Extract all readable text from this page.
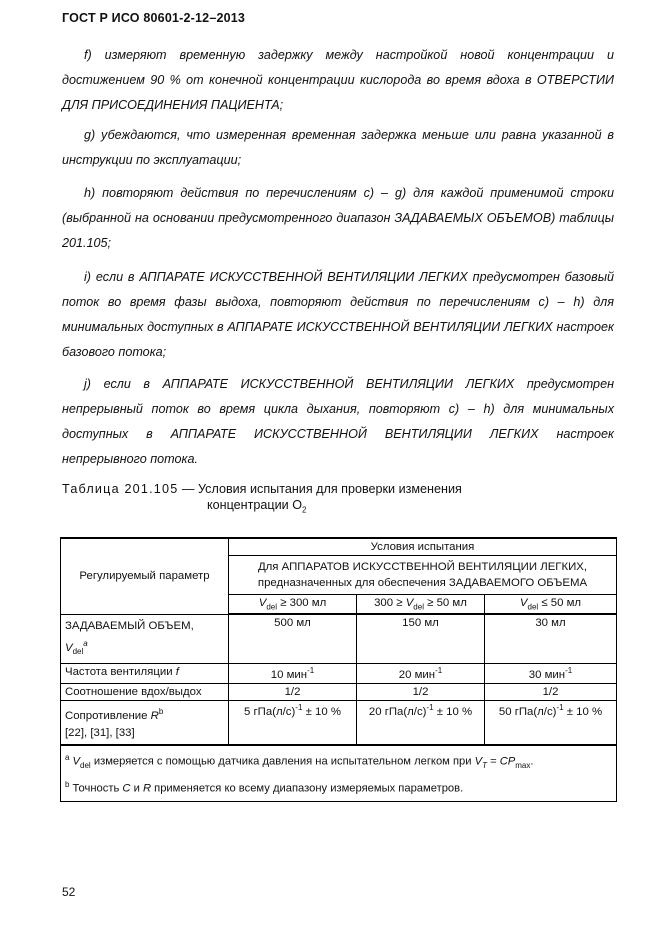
ГОСТ Р ИСО 80601-2-12–2013
f) измеряют временную задержку между настройкой новой концентрации и достижением 90 % от конечной концентрации кислорода во время вдоха в ОТВЕРСТИИ ДЛЯ ПРИСОЕДИНЕНИЯ ПАЦИЕНТА;
g) убеждаются, что измеренная временная задержка меньше или равна указанной в инструкции по эксплуатации;
h) повторяют действия по перечислениям c) – g) для каждой применимой строки (выбранной на основании предусмотренного диапазон ЗАДАВАЕМЫХ ОБЪЕМОВ) таблицы 201.105;
i) если в АППАРАТЕ ИСКУССТВЕННОЙ ВЕНТИЛЯЦИИ ЛЕГКИХ предусмотрен базовый поток во время фазы выдоха, повторяют действия по перечислениям c) – h) для минимальных доступных в АППАРАТЕ ИСКУССТВЕННОЙ ВЕНТИЛЯЦИИ ЛЕГКИХ настроек базового потока;
j) если в АППАРАТЕ ИСКУССТВЕННОЙ ВЕНТИЛЯЦИИ ЛЕГКИХ предусмотрен непрерывный поток во время цикла дыхания, повторяют c) – h) для минимальных доступных в АППАРАТЕ ИСКУССТВЕННОЙ ВЕНТИЛЯЦИИ ЛЕГКИХ настроек непрерывного потока.
Таблица 201.105 — Условия испытания для проверки изменения
концентрации $O_2$
Регулируемый параметр	Условия испытания		
	Для АППАРАТОВ ИСКУССТВЕННОЙ ВЕНТИЛЯЦИИ ЛЕГКИХ, предназначенных для обеспечения ЗАДАВАЕМОГО ОБЪЕМА		
	$V_{del} \ge 300$ мл	$300 \ge V_{del} \ge 50$ мл	$V_{del} \le 50$ мл
ЗАДАВАЕМЫЙ ОБЪЕМ,
$V_{del}^a$	500 мл	150 мл	30 мл
Частота вентиляции f	10 мин$^{-1}$	20 мин$^{-1}$	30 мин$^{-1}$
Соотношение вдох/выдох	1/2	1/2	1/2
Сопротивление $R^b$
[22], [31], [33]	5 $гПа(л/с)^{-1} \pm 10$ %	20 $гПа(л/с)^{-1} \pm 10$ %	50 $гПа(л/с)^{-1} \pm 10$ %

$^a$ $V_{del}$ измеряется с помощью датчика давления на испытательном легком при $V_T = CP_{max}$.
$^b$ Точность C и R применяется ко всему диапазону измеряемых параметров.			
52
